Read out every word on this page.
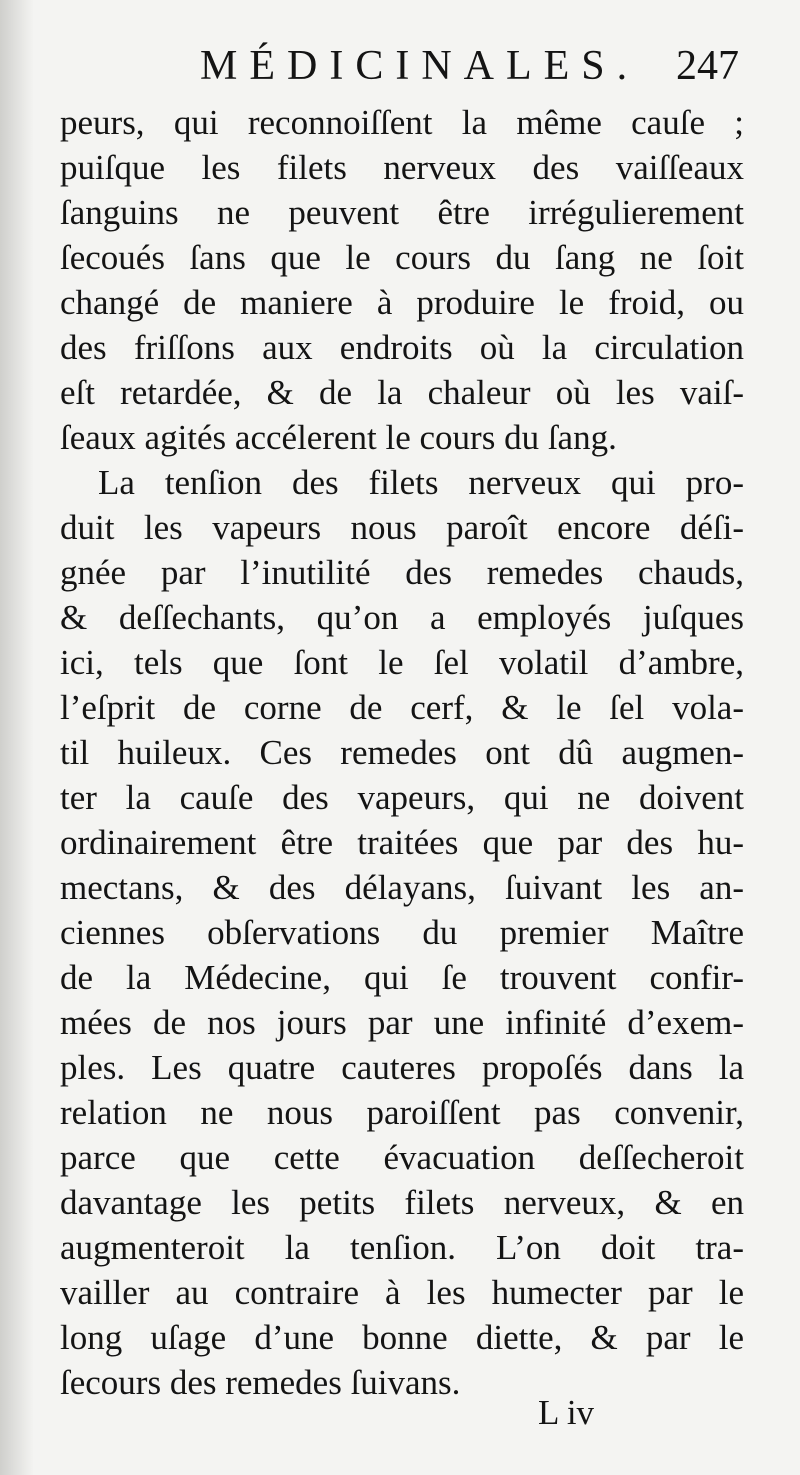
MÉDICINALES. 247
peurs, qui reconnoiſſent la même cauſe ;
puiſque les filets nerveux des vaiſſeaux
ſanguins ne peuvent être irrégulierement
ſecoués ſans que le cours du ſang ne ſoit
changé de maniere à produire le froid, ou
des friſſons aux endroits où la circulation
eſt retardée, & de la chaleur où les vaiſ-
ſeaux agités accélerent le cours du ſang.
La tenſion des filets nerveux qui pro-
duit les vapeurs nous paroît encore déſi-
gnée par l’inutilité des remedes chauds,
& deſſechants, qu’on a employés juſques
ici, tels que ſont le ſel volatil d’ambre,
l’eſprit de corne de cerf, & le ſel vola-
til huileux. Ces remedes ont dû augmen-
ter la cauſe des vapeurs, qui ne doivent
ordinairement être traitées que par des hu-
mectans, & des délayans, ſuivant les an-
ciennes obſervations du premier Maître
de la Médecine, qui ſe trouvent confir-
mées de nos jours par une infinité d’exem-
ples. Les quatre cauteres propoſés dans la
relation ne nous paroiſſent pas convenir,
parce que cette évacuation deſſecheroit
davantage les petits filets nerveux, & en
augmenteroit la tenſion. L’on doit tra-
vailler au contraire à les humecter par le
long uſage d’une bonne diette, & par le
ſecours des remedes ſuivans.
L iv
